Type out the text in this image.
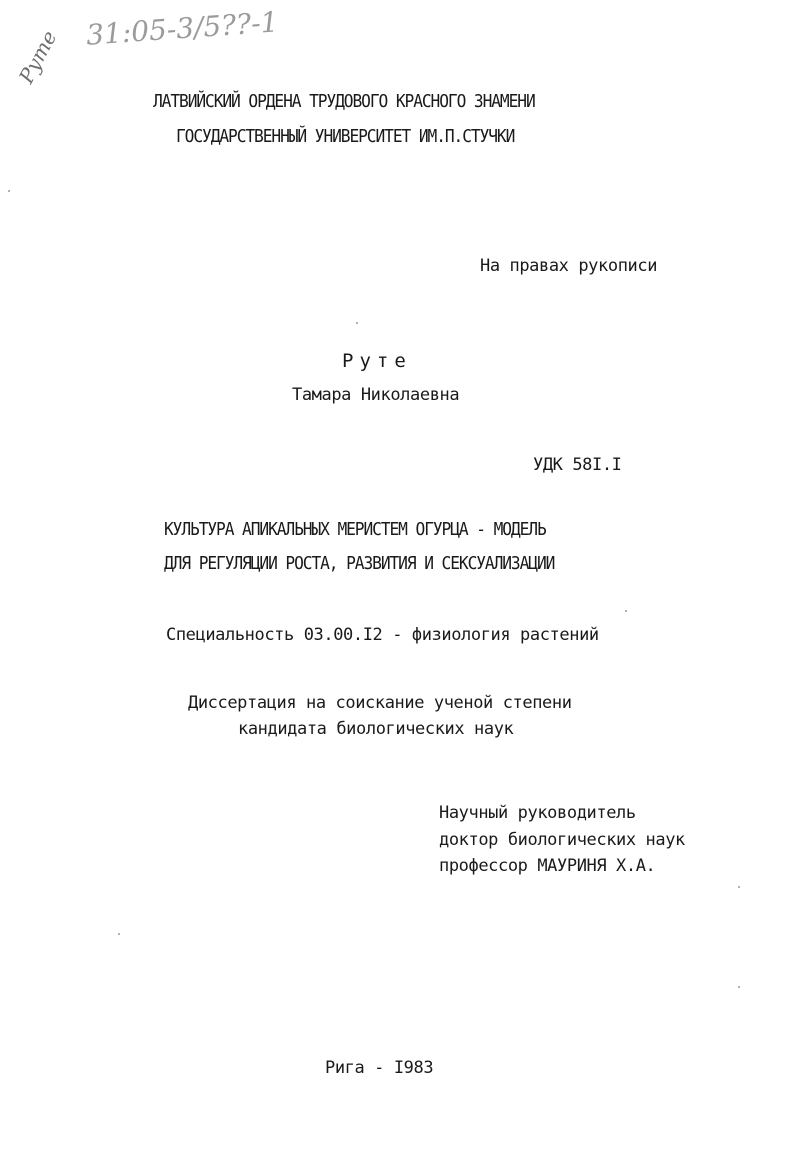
31:05-3/5??-1
Руте
ЛАТВИЙСКИЙ ОРДЕНА ТРУДОВОГО КРАСНОГО ЗНАМЕНИ
ГОСУДАРСТВЕННЫЙ УНИВЕРСИТЕТ ИМ.П.СТУЧКИ
На правах рукописи
Руте
Тамара Николаевна
УДК 58I.I
КУЛЬТУРА АПИКАЛЬНЫХ МЕРИСТЕМ ОГУРЦА - МОДЕЛЬ
ДЛЯ РЕГУЛЯЦИИ РОСТА, РАЗВИТИЯ И СЕКСУАЛИЗАЦИИ
Специальность 03.00.I2 - физиология растений
Диссертация на соискание ученой степени
кандидата биологических наук
Научный руководитель
доктор биологических наук
профессор МАУРИНЯ Х.А.
Рига - I983
